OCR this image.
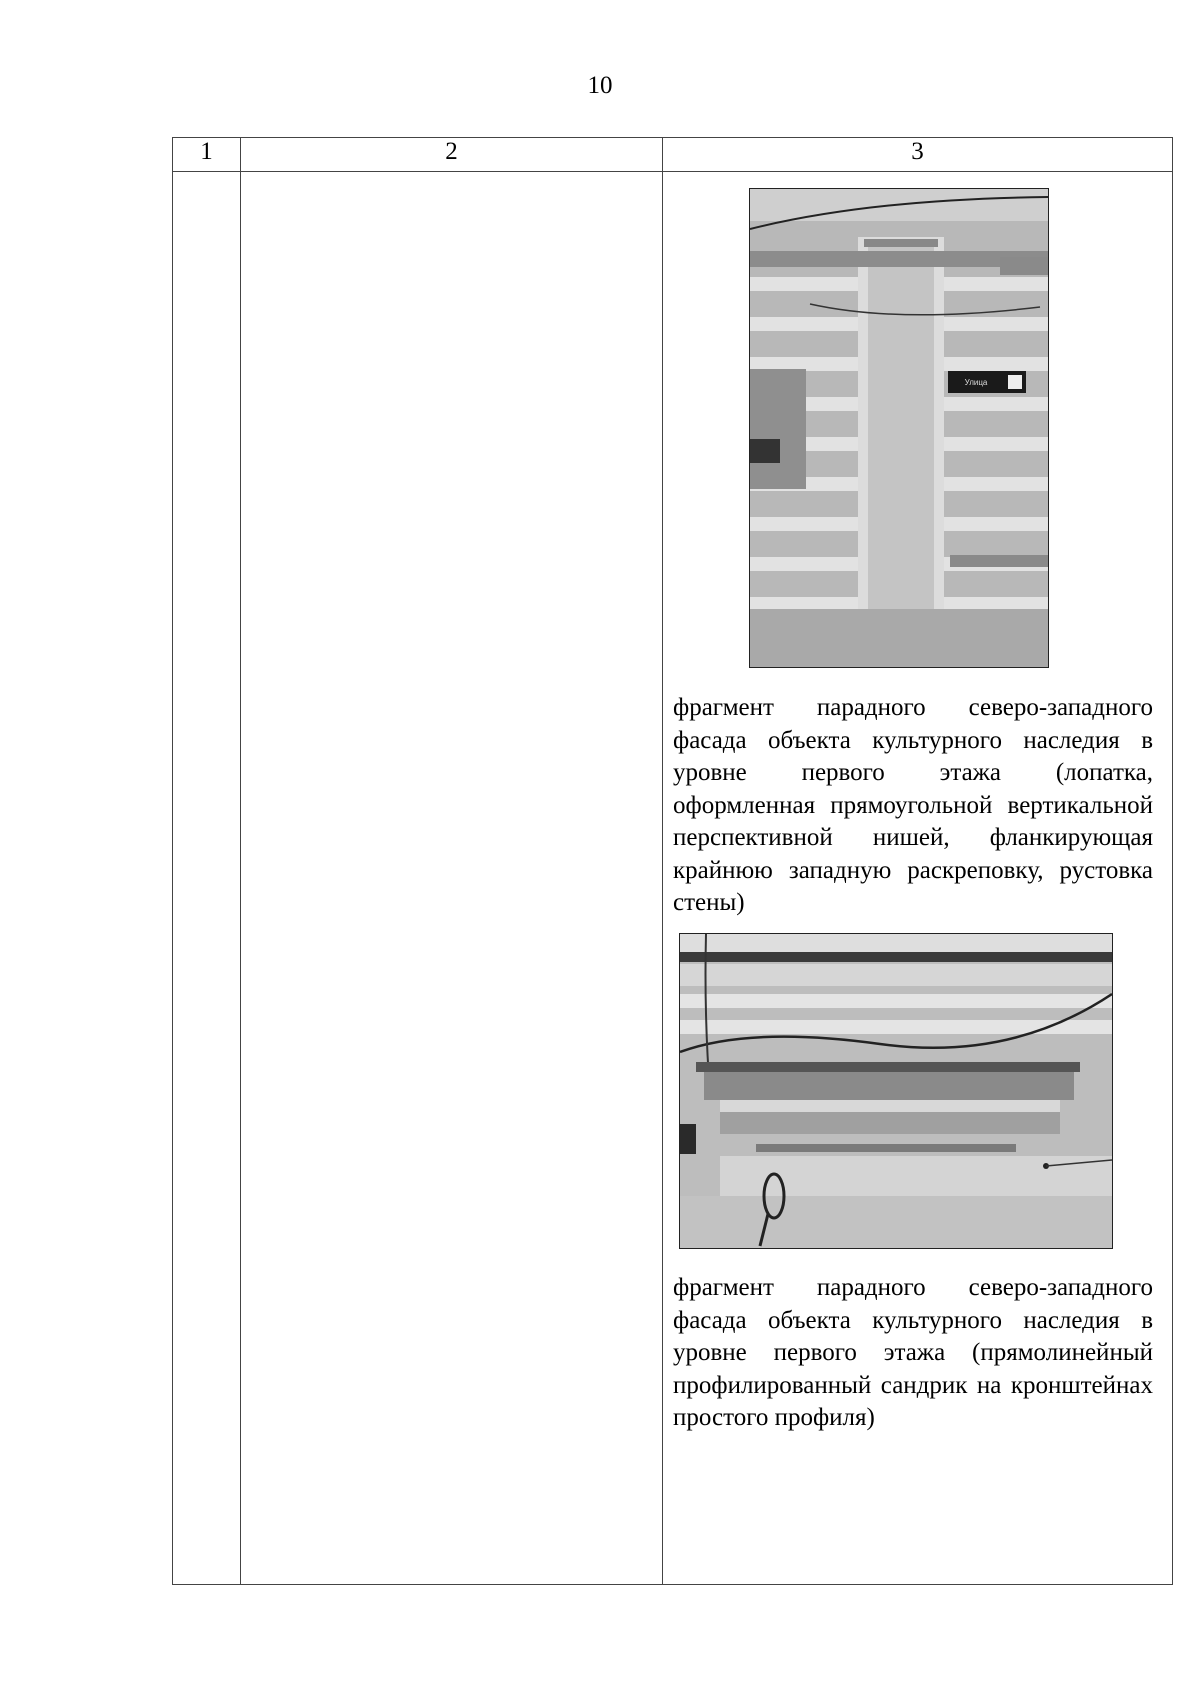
10
1	2	3

Улица
фрагмент парадного северо-западного фасада объекта культурного наследия в уровне первого этажа (лопатка, оформленная прямоугольной вертикальной перспективной нишей, фланкирующая крайнюю западную раскреповку, рустовка стены)
фрагмент парадного северо-западного фасада объекта культурного наследия в уровне первого этажа (прямолинейный профилированный сандрик на кронштейнах простого профиля)
